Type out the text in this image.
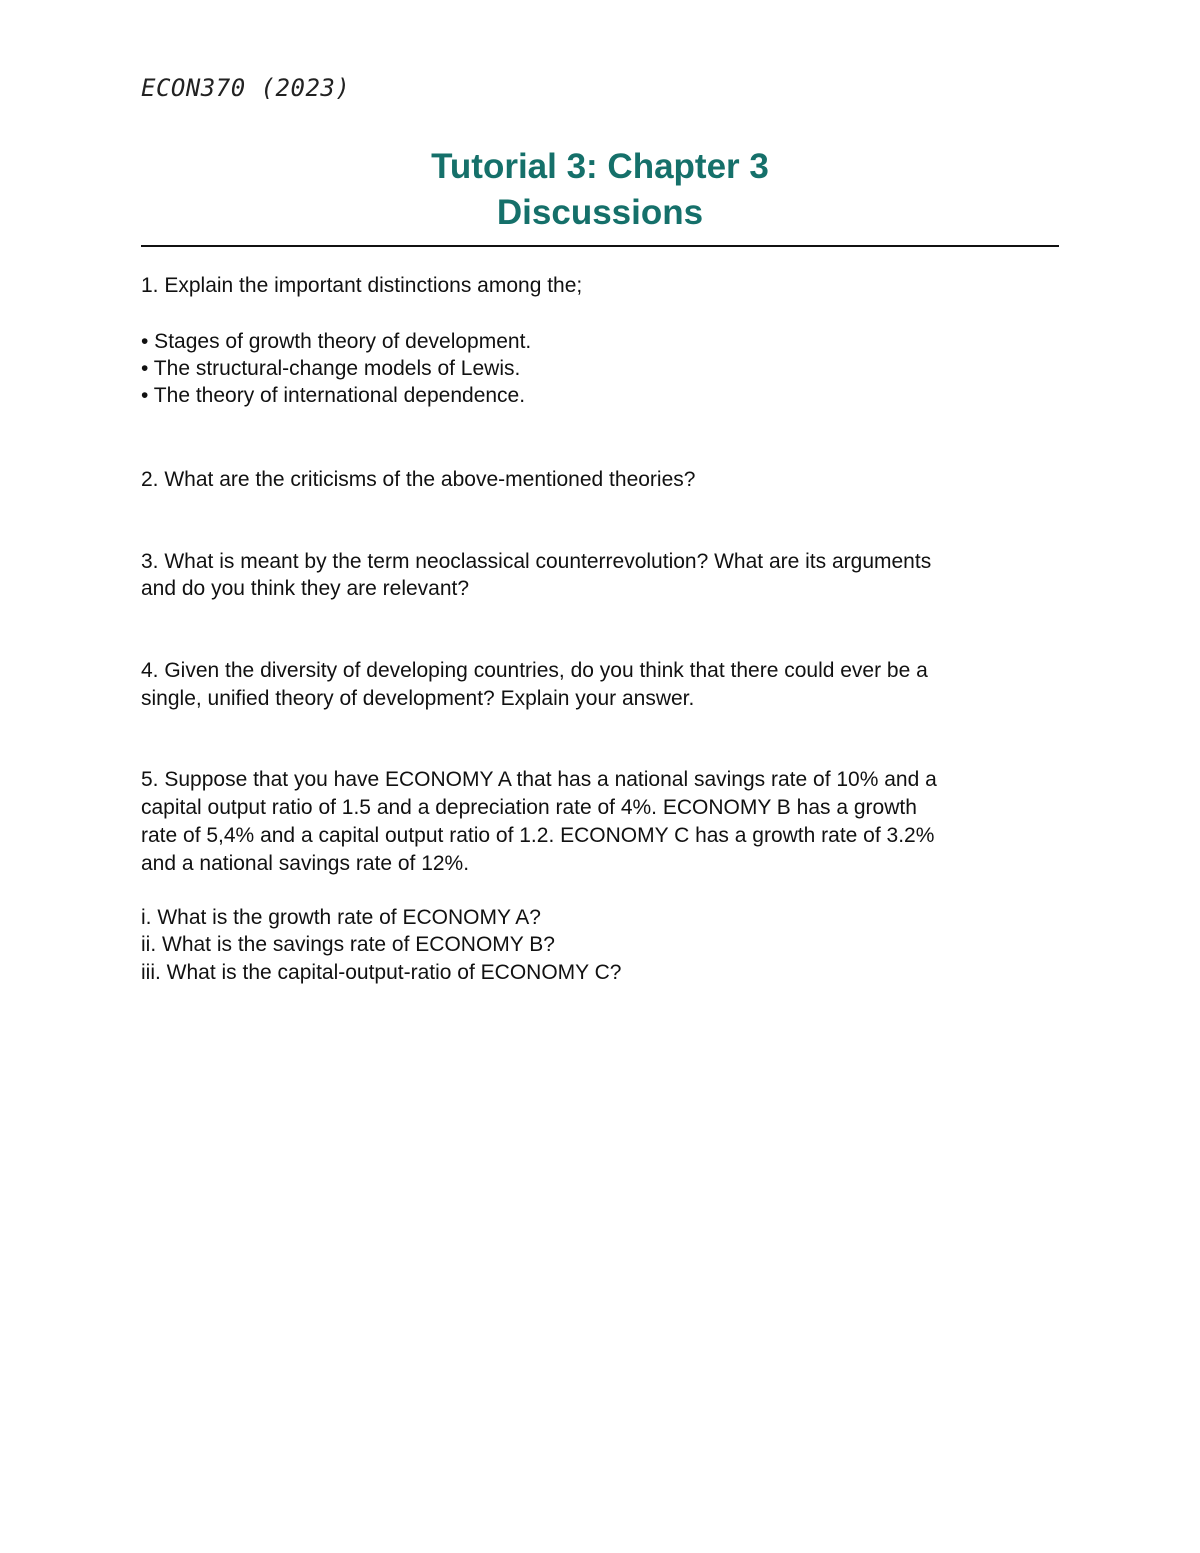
ECON370 (2023)
Tutorial 3: Chapter 3
Discussions
1. Explain the important distinctions among the;
• Stages of growth theory of development.
• The structural-change models of Lewis.
• The theory of international dependence.
2. What are the criticisms of the above-mentioned theories?
3. What is meant by the term neoclassical counterrevolution? What are its arguments
and do you think they are relevant?
4. Given the diversity of developing countries, do you think that there could ever be a
single, unified theory of development? Explain your answer.
5. Suppose that you have ECONOMY A that has a national savings rate of 10% and a
capital output ratio of 1.5 and a depreciation rate of 4%. ECONOMY B has a growth
rate of 5,4% and a capital output ratio of 1.2. ECONOMY C has a growth rate of 3.2%
and a national savings rate of 12%.
i. What is the growth rate of ECONOMY A?
ii. What is the savings rate of ECONOMY B?
iii. What is the capital-output-ratio of ECONOMY C?
